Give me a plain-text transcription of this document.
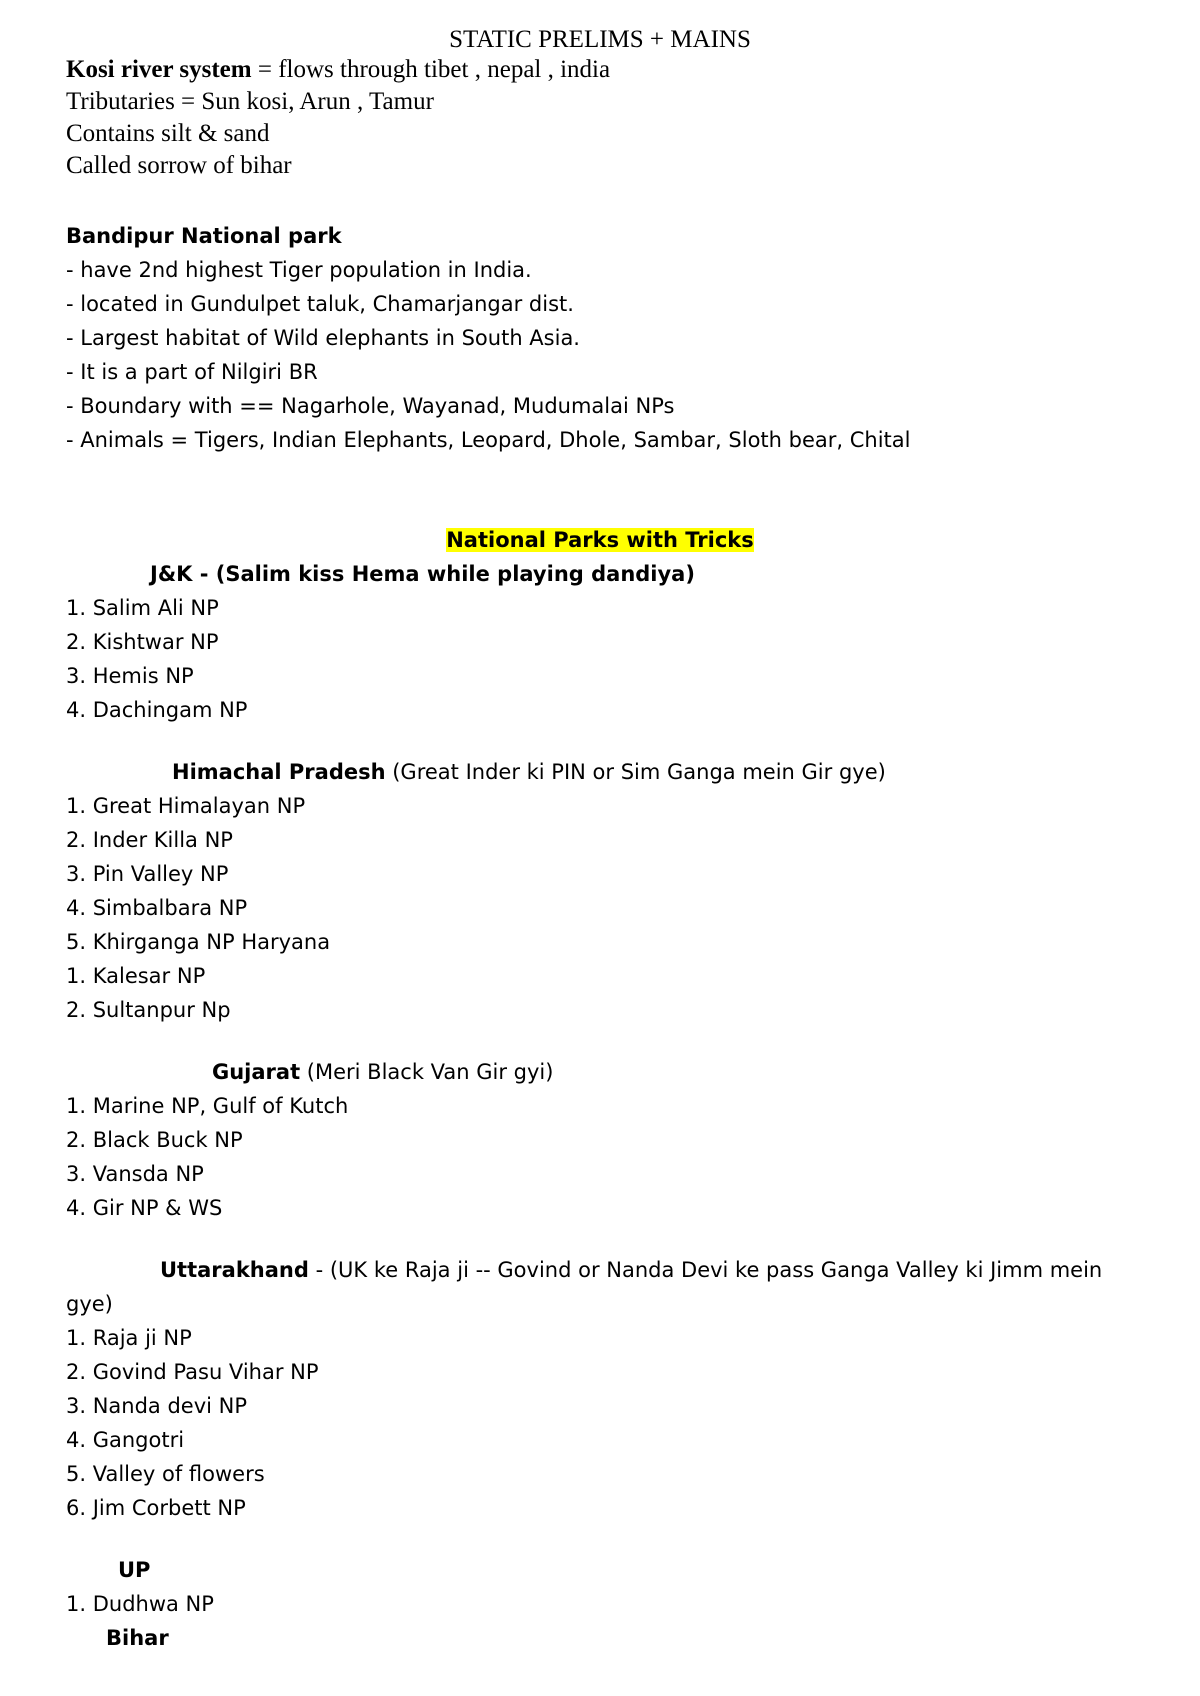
STATIC PRELIMS + MAINS
Kosi river system = flows through tibet , nepal , india
Tributaries = Sun kosi, Arun , Tamur
Contains silt & sand
Called sorrow of bihar
Bandipur National park
- have 2nd highest Tiger population in India.
- located in Gundulpet taluk, Chamarjangar dist.
- Largest habitat of Wild elephants in South Asia.
- It is a part of Nilgiri BR
- Boundary with == Nagarhole, Wayanad, Mudumalai NPs
- Animals = Tigers, Indian Elephants, Leopard, Dhole, Sambar, Sloth bear, Chital
National Parks with Tricks
J&K - (Salim kiss Hema while playing dandiya)
1. Salim Ali NP
2. Kishtwar NP
3. Hemis NP
4. Dachingam NP
Himachal Pradesh (Great Inder ki PIN or Sim Ganga mein Gir gye)
1. Great Himalayan NP
2. Inder Killa NP
3. Pin Valley NP
4. Simbalbara NP
5. Khirganga NP Haryana
1. Kalesar NP
2. Sultanpur Np
Gujarat (Meri Black Van Gir gyi)
1. Marine NP, Gulf of Kutch
2. Black Buck NP
3. Vansda NP
4. Gir NP & WS
Uttarakhand - (UK ke Raja ji -- Govind or Nanda Devi ke pass Ganga Valley ki Jimm mein
gye)
1. Raja ji NP
2. Govind Pasu Vihar NP
3. Nanda devi NP
4. Gangotri
5. Valley of flowers
6. Jim Corbett NP
UP
1. Dudhwa NP
Bihar
